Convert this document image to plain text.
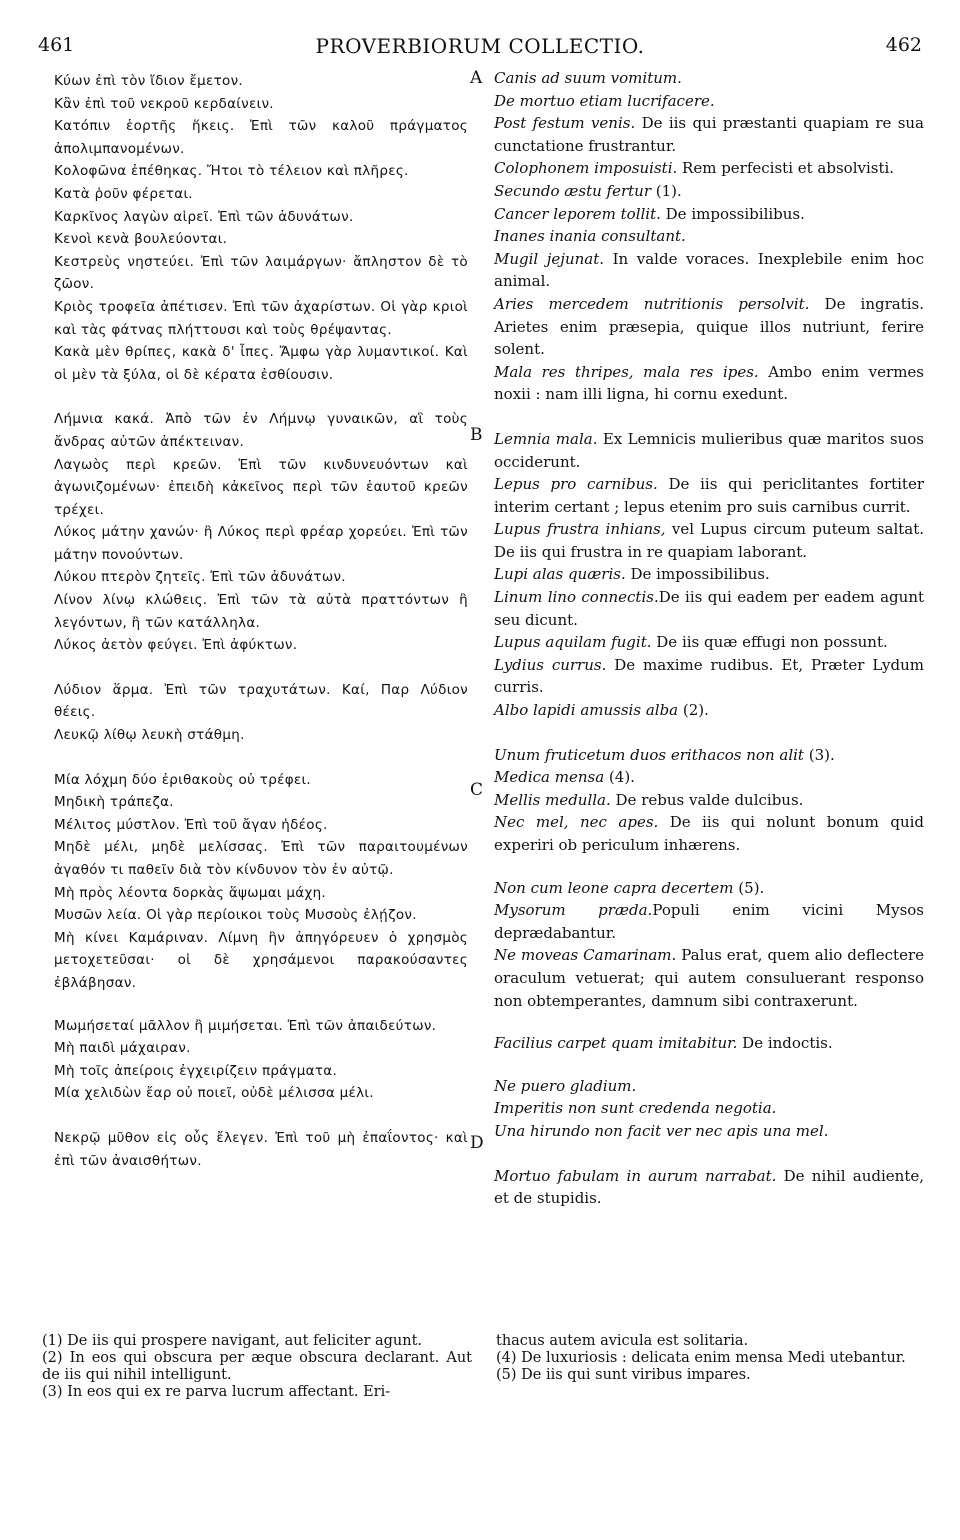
461	PROVERBIORUM COLLECTIO.	462
A
B
C
D

Κύων ἐπὶ τὸν ἴδιον ἔμετον.

Κἂν ἐπὶ τοῦ νεκροῦ κερδαίνειν.

Κατόπιν ἑορτῆς ἥκεις. Ἐπὶ τῶν καλοῦ πράγματος ἀπολιμπανομένων.

Κολοφῶνα ἐπέθηκας. Ἤτοι τὸ τέλειον καὶ πλῆρες.

Κατὰ ῥοῦν φέρεται.

Καρκῖνος λαγὼν αἱρεῖ. Ἐπὶ τῶν ἀδυνάτων.

Κενοὶ κενὰ βουλεύονται.

Κεστρεὺς νηστεύει. Ἐπὶ τῶν λαιμάργων· ἄπληστον δὲ τὸ ζῶον.

Κριὸς τροφεῖα ἀπέτισεν. Ἐπὶ τῶν ἀχαρίστων. Οἱ γὰρ κριοὶ καὶ τὰς φάτνας πλήττουσι καὶ τοὺς θρέψαντας.

Κακὰ μὲν θρίπες, κακὰ δ' ἶπες. Ἄμφω γὰρ λυμαντικοί. Καὶ οἱ μὲν τὰ ξύλα, οἱ δὲ κέρατα ἐσθίουσιν.

Λήμνια κακά. Ἀπὸ τῶν ἐν Λήμνῳ γυναικῶν, αἳ τοὺς ἄνδρας αὐτῶν ἀπέκτειναν.

Λαγωὸς περὶ κρεῶν. Ἐπὶ τῶν κινδυνευόντων καὶ ἀγωνιζομένων· ἐπειδὴ κἀκεῖνος περὶ τῶν ἑαυτοῦ κρεῶν τρέχει.

Λύκος μάτην χανών· ἢ Λύκος περὶ φρέαρ χορεύει. Ἐπὶ τῶν μάτην πονούντων.

Λύκου πτερὸν ζητεῖς. Ἐπὶ τῶν ἀδυνάτων.

Λίνον λίνῳ κλώθεις. Ἐπὶ τῶν τὰ αὐτὰ πραττόντων ἢ λεγόντων, ἢ τῶν κατάλληλα.

Λύκος ἀετὸν φεύγει. Ἐπὶ ἀφύκτων.

Λύδιον ἅρμα. Ἐπὶ τῶν τραχυτάτων. Καί, Παρ Λύδιον θέεις.

Λευκῷ λίθῳ λευκὴ στάθμη.

Μία λόχμη δύο ἐριθακοὺς οὐ τρέφει.

Μηδικὴ τράπεζα.

Μέλιτος μύστλον. Ἐπὶ τοῦ ἄγαν ἡδέος.

Μηδὲ μέλι, μηδὲ μελίσσας. Ἐπὶ τῶν παραιτουμένων ἀγαθόν τι παθεῖν διὰ τὸν κίνδυνον τὸν ἐν αὐτῷ.

Μὴ πρὸς λέοντα δορκὰς ἅψωμαι μάχη.

Μυσῶν λεία. Οἱ γὰρ περίοικοι τοὺς Μυσοὺς ἐλῄζον.

Μὴ κίνει Καμάριναν. Λίμνη ἣν ἀπηγόρευεν ὁ χρησμὸς μετοχετεῦσαι· οἱ δὲ χρησάμενοι παρακούσαντες ἐβλάβησαν.

Μωμήσεταί μᾶλλον ἢ μιμήσεται. Ἐπὶ τῶν ἀπαιδεύτων.

Μὴ παιδὶ μάχαιραν.

Μὴ τοῖς ἀπείροις ἐγχειρίζειν πράγματα.

Μία χελιδὼν ἔαρ οὐ ποιεῖ, οὐδὲ μέλισσα μέλι.

Νεκρῷ μῦθον εἰς οὖς ἔλεγεν. Ἐπὶ τοῦ μὴ ἐπαΐοντος· καὶ ἐπὶ τῶν ἀναισθήτων.

Canis ad suum vomitum.

De mortuo etiam lucrifacere.

Post festum venis. De iis qui præstanti quapiam re sua cunctatione frustrantur.

Colophonem imposuisti. Rem perfecisti et absolvisti.

Secundo æstu fertur (1).

Cancer leporem tollit. De impossibilibus.

Inanes inania consultant.

Mugil jejunat. In valde voraces. Inexplebile enim hoc animal.

Aries mercedem nutritionis persolvit. De ingratis. Arietes enim præsepia, quique illos nutriunt, ferire solent.

Mala res thripes, mala res ipes. Ambo enim vermes noxii : nam illi ligna, hi cornu exedunt.

Lemnia mala. Ex Lemnicis mulieribus quæ maritos suos occiderunt.

Lepus pro carnibus. De iis qui periclitantes fortiter interim certant ; lepus etenim pro suis carnibus currit.

Lupus frustra inhians, vel Lupus circum puteum saltat. De iis qui frustra in re quapiam laborant.

Lupi alas quæris. De impossibilibus.

Linum lino connectis.De iis qui eadem per eadem agunt seu dicunt.

Lupus aquilam fugit. De iis quæ effugi non possunt.

Lydius currus. De maxime rudibus. Et, Præter Lydum curris.

Albo lapidi amussis alba (2).

Unum fruticetum duos erithacos non alit (3).

Medica mensa (4).

Mellis medulla. De rebus valde dulcibus.

Nec mel, nec apes. De iis qui nolunt bonum quid experiri ob periculum inhærens.

Non cum leone capra decertem (5).

Mysorum præda.Populi enim vicini Mysos deprædabantur.

Ne moveas Camarinam. Palus erat, quem alio deflectere oraculum vetuerat; qui autem consuluerant responso non obtemperantes, damnum sibi contraxerunt.

Facilius carpet quam imitabitur. De indoctis.

Ne puero gladium.

Imperitis non sunt credenda negotia.

Una hirundo non facit ver nec apis una mel.

Mortuo fabulam in aurum narrabat. De nihil audiente, et de stupidis.

(1) De iis qui prospere navigant, aut feliciter agunt.

(2) In eos qui obscura per æque obscura declarant. Aut de iis qui nihil intelligunt.

(3) In eos qui ex re parva lucrum affectant. Eri-

thacus autem avicula est solitaria.

(4) De luxuriosis : delicata enim mensa Medi utebantur.

(5) De iis qui sunt viribus impares.
